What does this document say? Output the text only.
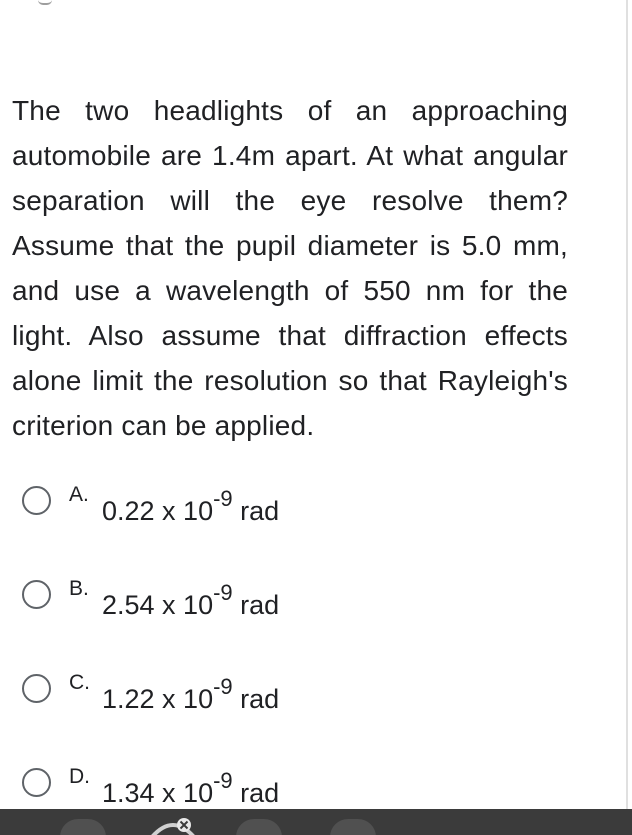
The two headlights of an approaching automobile are 1.4m apart. At what angular separation will the eye resolve them? Assume that the pupil diameter is 5.0 mm, and use a wavelength of 550 nm for the light. Also assume that diffraction effects alone limit the resolution so that Rayleigh's criterion can be applied.

A.
0.22 x $10^{-9}$ rad
B.
2.54 x $10^{-9}$ rad
C.
1.22 x $10^{-9}$ rad
D.
1.34 x $10^{-9}$ rad
